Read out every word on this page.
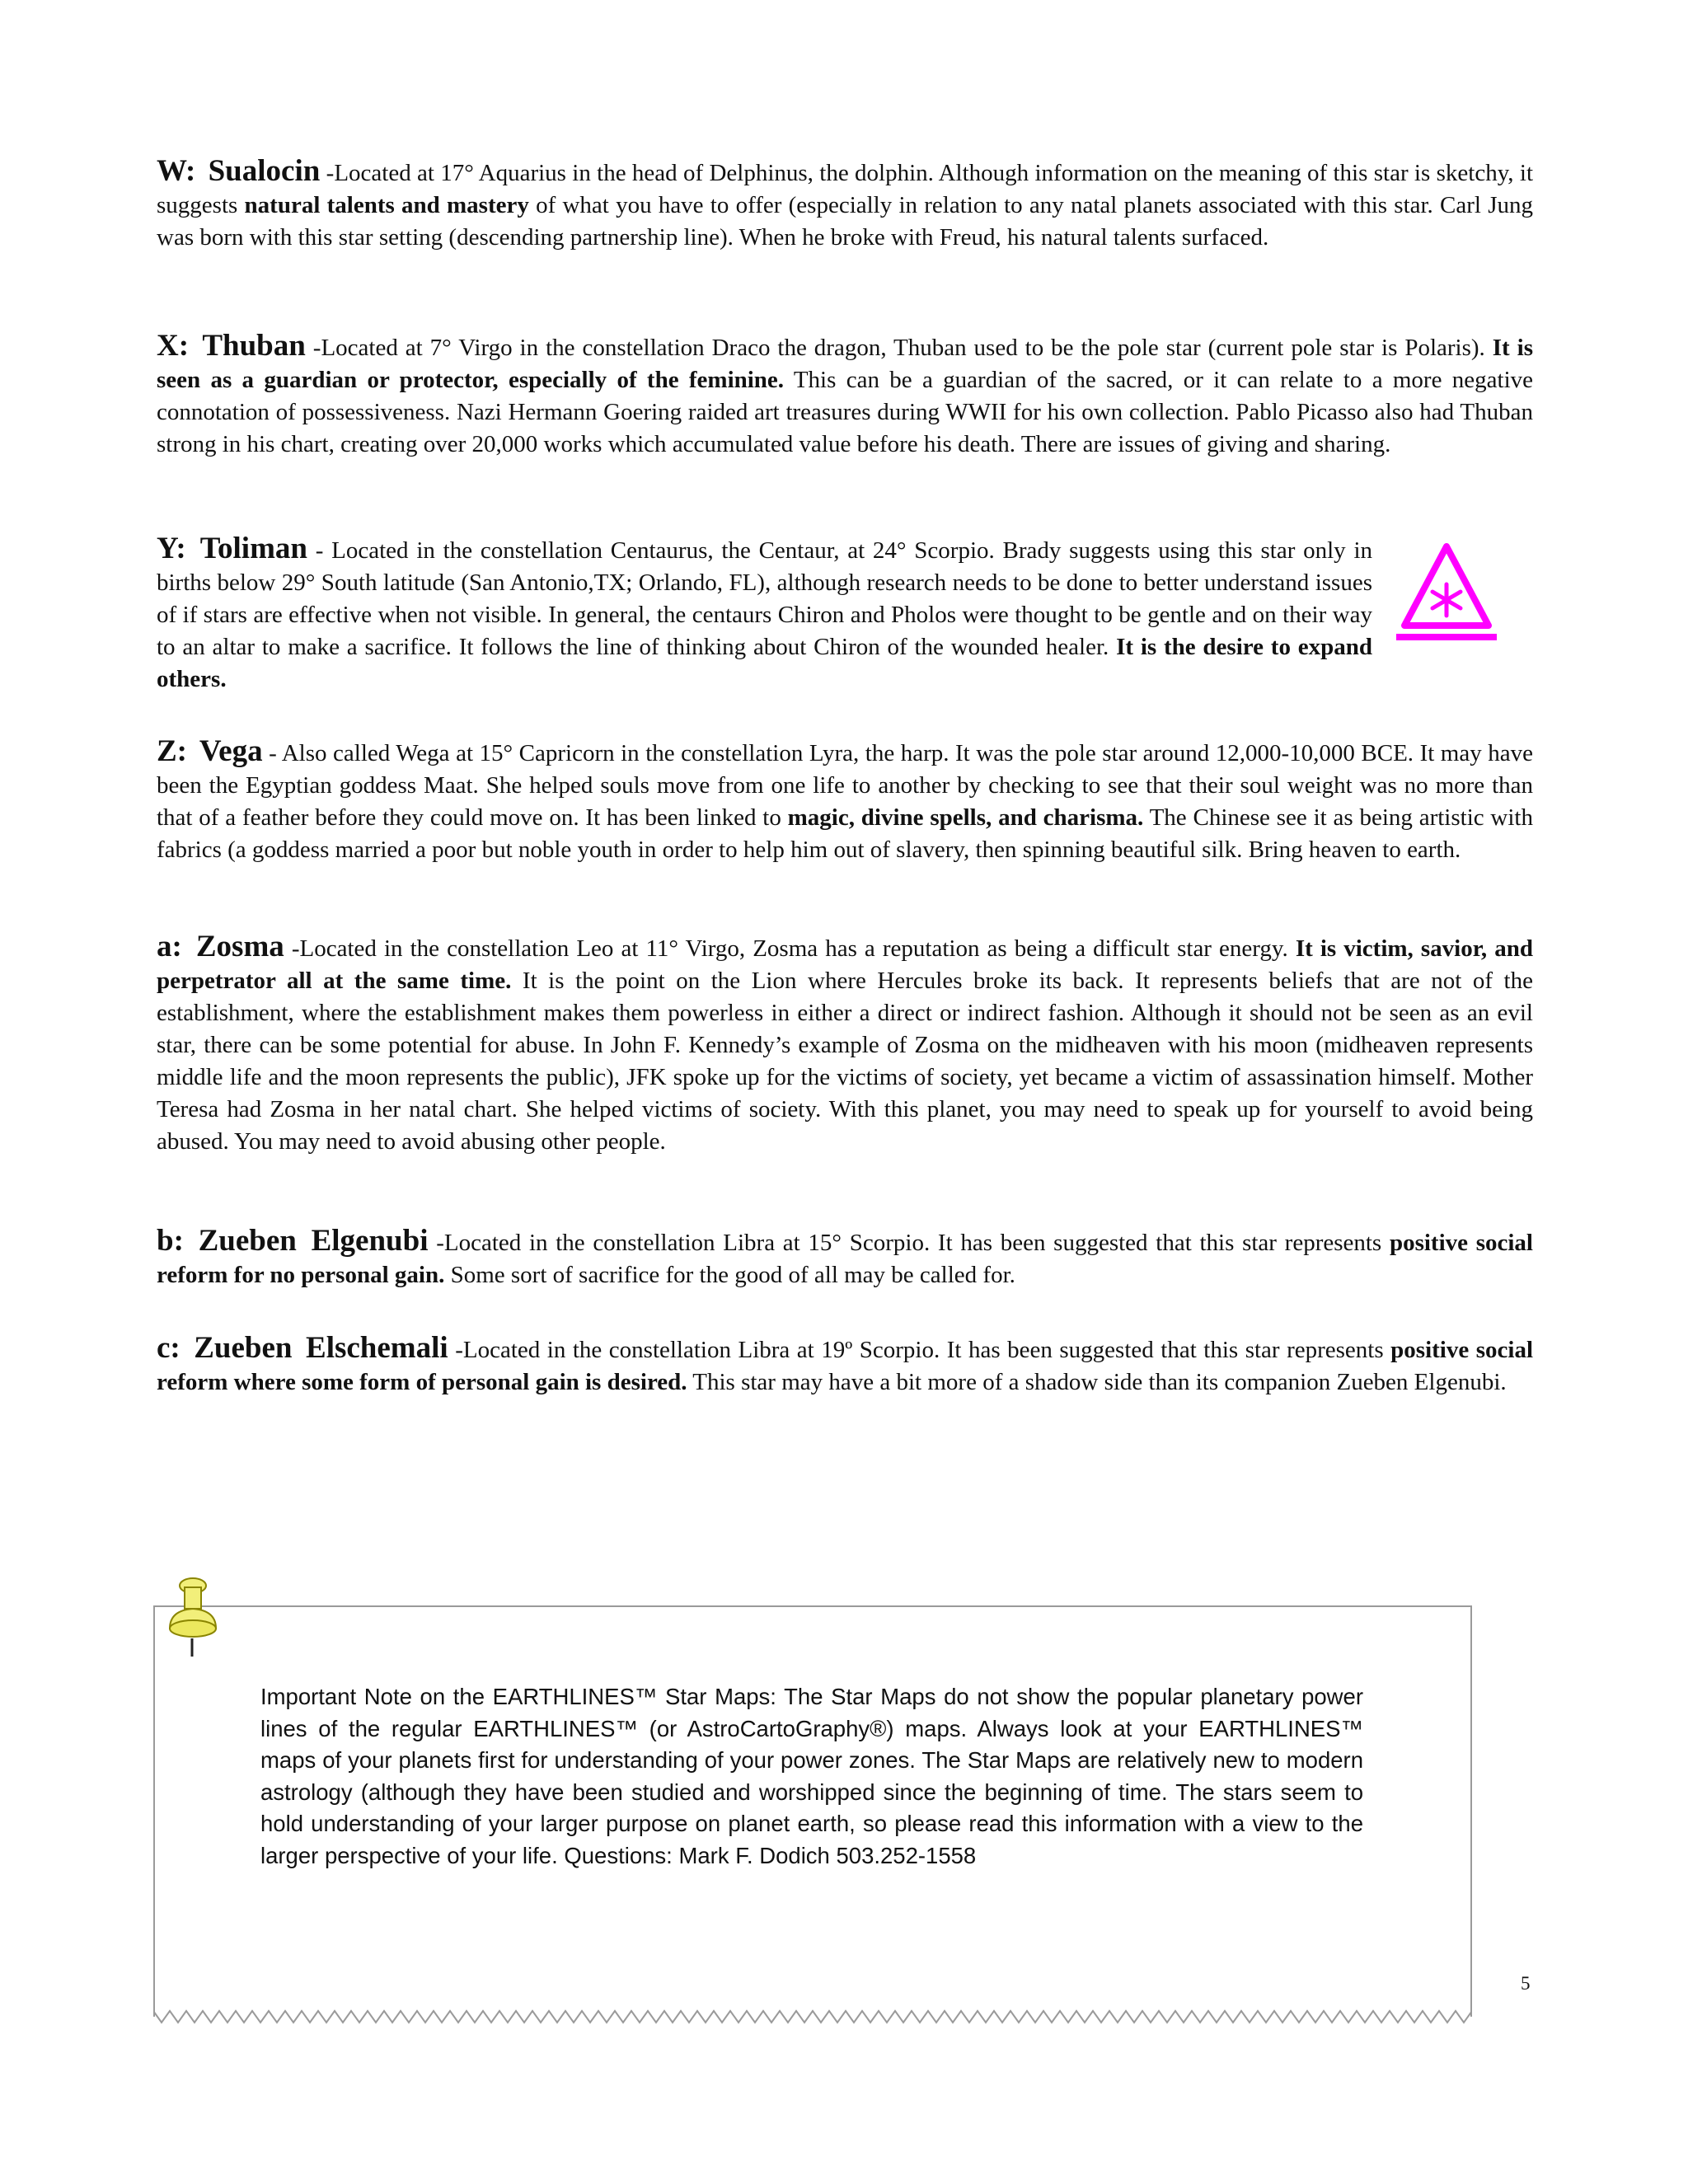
W: Sualocin -Located at 17° Aquarius in the head of Delphinus, the dolphin. Although information on the meaning of this star is sketchy, it suggests natural talents and mastery of what you have to offer (especially in relation to any natal planets associated with this star. Carl Jung was born with this star setting (descending partnership line). When he broke with Freud, his natural talents surfaced.

X: Thuban -Located at 7° Virgo in the constellation Draco the dragon, Thuban used to be the pole star (current pole star is Polaris). It is seen as a guardian or protector, especially of the feminine. This can be a guardian of the sacred, or it can relate to a more negative connotation of possessiveness. Nazi Hermann Goering raided art treasures during WWII for his own collection. Pablo Picasso also had Thuban strong in his chart, creating over 20,000 works which accumulated value before his death. There are issues of giving and sharing.

Y: Toliman - Located in the constellation Centaurus, the Centaur, at 24° Scorpio. Brady suggests using this star only in births below 29° South latitude (San Antonio,TX; Orlando, FL), although research needs to be done to better understand issues of if stars are effective when not visible. In general, the centaurs Chiron and Pholos were thought to be gentle and on their way to an altar to make a sacrifice. It follows the line of thinking about Chiron of the wounded healer. It is the desire to expand others.

Z: Vega - Also called Wega at 15° Capricorn in the constellation Lyra, the harp. It was the pole star around 12,000-10,000 BCE. It may have been the Egyptian goddess Maat. She helped souls move from one life to another by checking to see that their soul weight was no more than that of a feather before they could move on. It has been linked to magic, divine spells, and charisma. The Chinese see it as being artistic with fabrics (a goddess married a poor but noble youth in order to help him out of slavery, then spinning beautiful silk. Bring heaven to earth.

a: Zosma -Located in the constellation Leo at 11° Virgo, Zosma has a reputation as being a difficult star energy. It is victim, savior, and perpetrator all at the same time. It is the point on the Lion where Hercules broke its back. It represents beliefs that are not of the establishment, where the establishment makes them powerless in either a direct or indirect fashion. Although it should not be seen as an evil star, there can be some potential for abuse. In John F. Kennedy’s example of Zosma on the midheaven with his moon (midheaven represents middle life and the moon represents the public), JFK spoke up for the victims of society, yet became a victim of assassination himself. Mother Teresa had Zosma in her natal chart. She helped victims of society. With this planet, you may need to speak up for yourself to avoid being abused. You may need to avoid abusing other people.

b: Zueben Elgenubi -Located in the constellation Libra at 15° Scorpio. It has been suggested that this star represents positive social reform for no personal gain. Some sort of sacrifice for the good of all may be called for.

c: Zueben Elschemali -Located in the constellation Libra at 19º Scorpio. It has been suggested that this star represents positive social reform where some form of personal gain is desired. This star may have a bit more of a shadow side than its companion Zueben Elgenubi.

Important Note on the EARTHLINES™ Star Maps: The Star Maps do not show the popular planetary power lines of the regular EARTHLINES™ (or AstroCartoGraphy®) maps. Always look at your EARTHLINES™ maps of your planets first for understanding of your power zones. The Star Maps are relatively new to modern astrology (although they have been studied and worshipped since the beginning of time. The stars seem to hold understanding of your larger purpose on planet earth, so please read this information with a view to the larger perspective of your life. Questions: Mark F. Dodich 503.252-1558

5
